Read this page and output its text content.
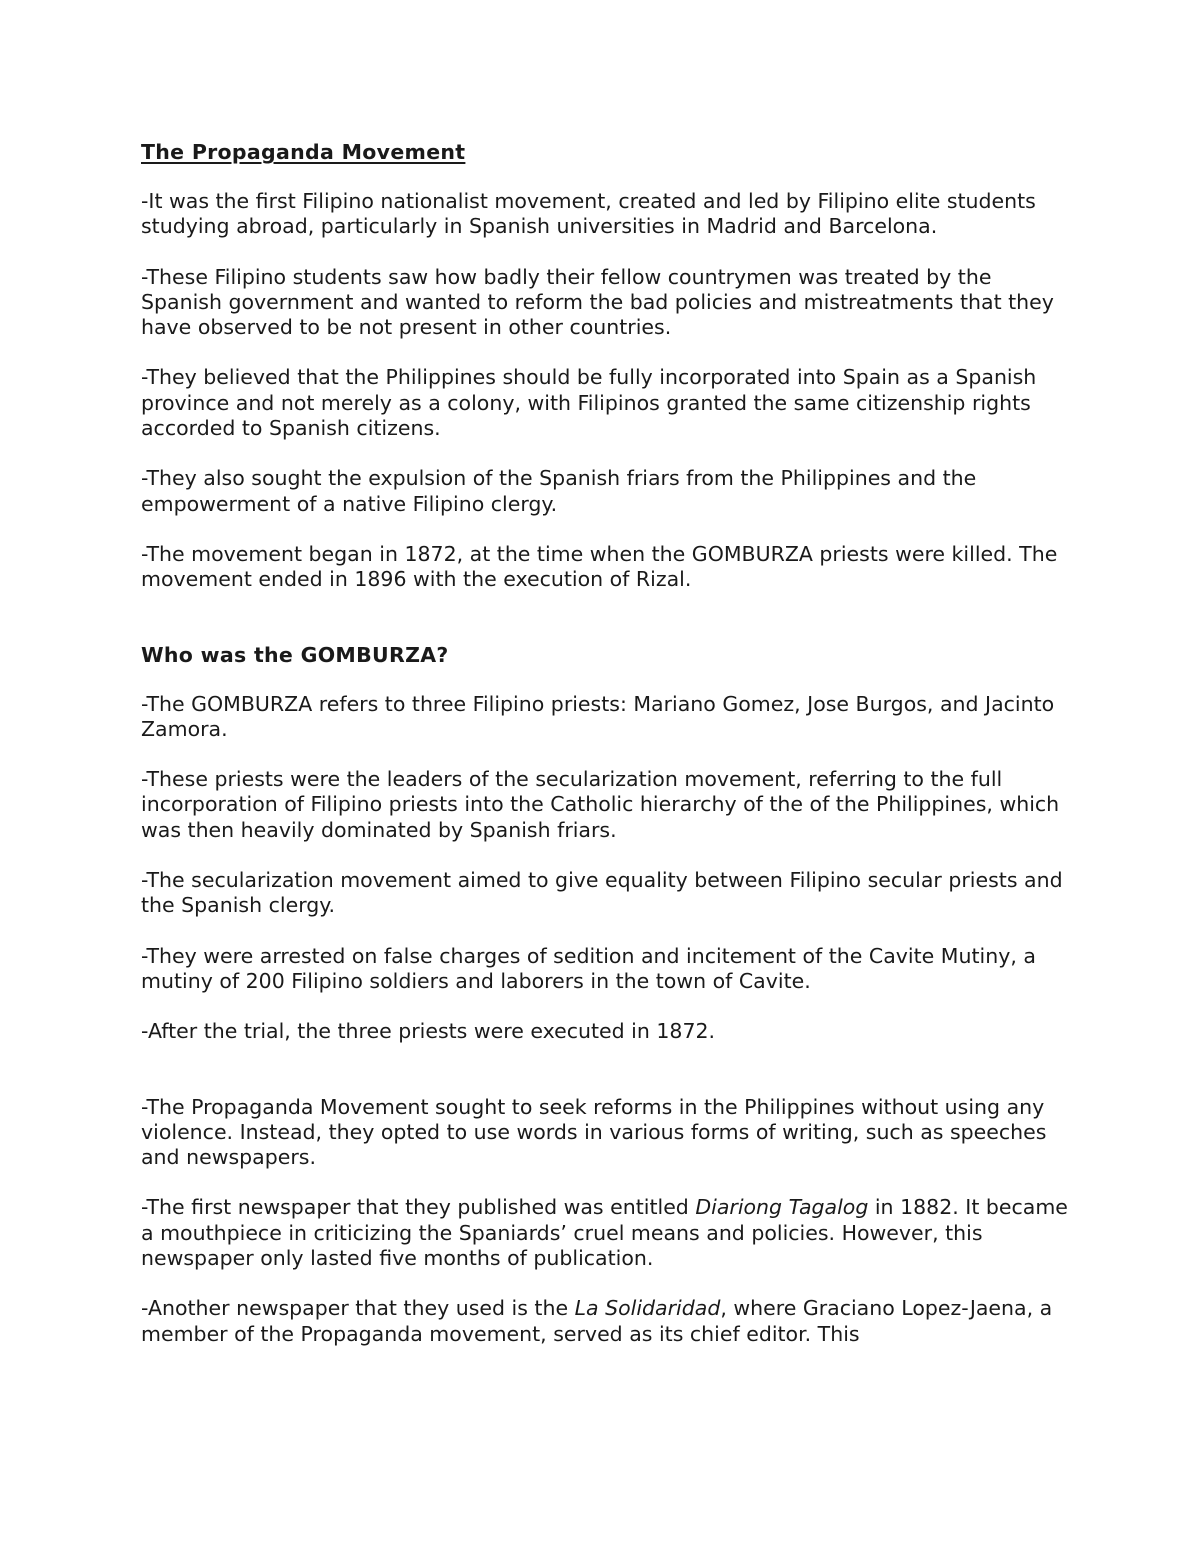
The Propaganda Movement

-It was the first Filipino nationalist movement, created and led by Filipino elite students studying abroad, particularly in Spanish universities in Madrid and Barcelona.

-These Filipino students saw how badly their fellow countrymen was treated by the Spanish government and wanted to reform the bad policies and mistreatments that they have observed to be not present in other countries.

-They believed that the Philippines should be fully incorporated into Spain as a Spanish province and not merely as a colony, with Filipinos granted the same citizenship rights accorded to Spanish citizens.

-They also sought the expulsion of the Spanish friars from the Philippines and the empowerment of a native Filipino clergy.

-The movement began in 1872, at the time when the GOMBURZA priests were killed. The movement ended in 1896 with the execution of Rizal.

Who was the GOMBURZA?

-The GOMBURZA refers to three Filipino priests: Mariano Gomez, Jose Burgos, and Jacinto Zamora.

-These priests were the leaders of the secularization movement, referring to the full incorporation of Filipino priests into the Catholic hierarchy of the of the Philippines, which was then heavily dominated by Spanish friars.

-The secularization movement aimed to give equality between Filipino secular priests and the Spanish clergy.

-They were arrested on false charges of sedition and incitement of the Cavite Mutiny, a mutiny of 200 Filipino soldiers and laborers in the town of Cavite.

-After the trial, the three priests were executed in 1872.

-The Propaganda Movement sought to seek reforms in the Philippines without using any violence. Instead, they opted to use words in various forms of writing, such as speeches and newspapers.

-The first newspaper that they published was entitled Diariong Tagalog in 1882. It became a mouthpiece in criticizing the Spaniards’ cruel means and policies. However, this newspaper only lasted five months of publication.

-Another newspaper that they used is the La Solidaridad, where Graciano Lopez-Jaena, a member of the Propaganda movement, served as its chief editor. This
